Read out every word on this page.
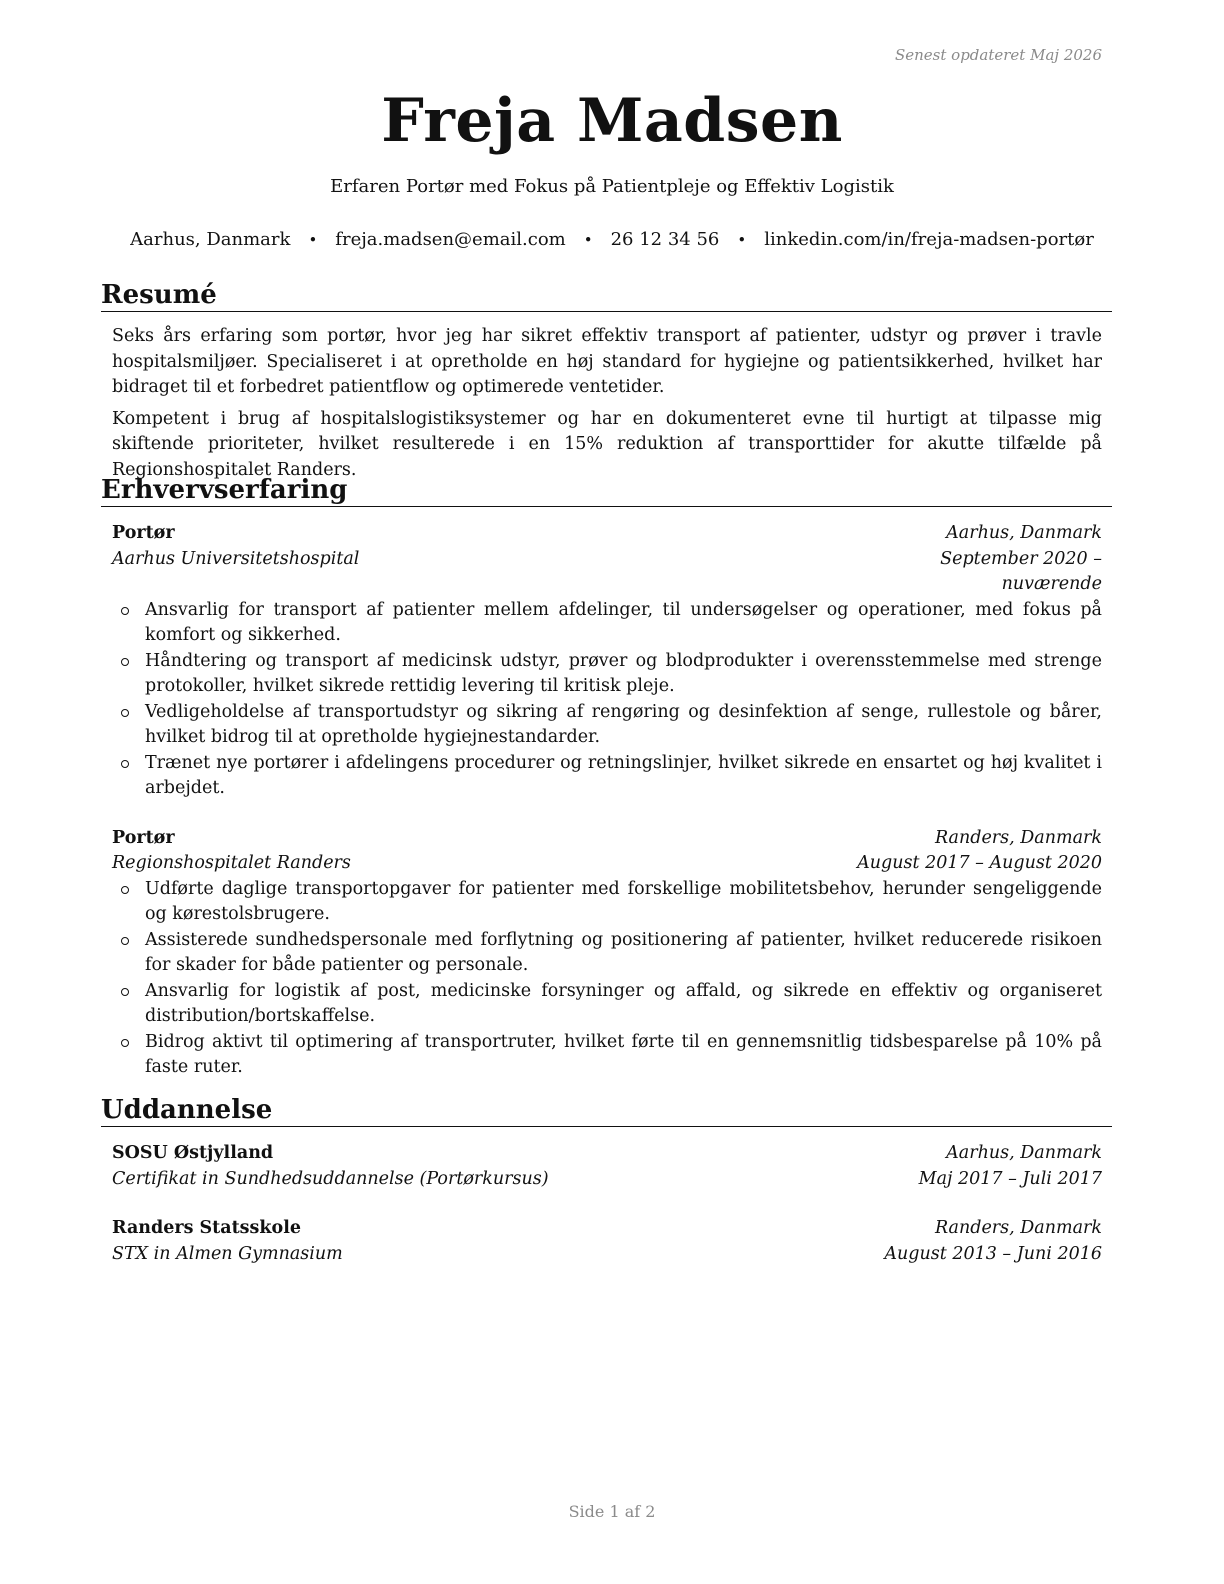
Senest opdateret Maj 2026
Freja Madsen
Erfaren Portør med Fokus på Patientpleje og Effektiv Logistik
Aarhus, Danmark • freja.madsen@email.com • 26 12 34 56 • linkedin.com/in/freja-madsen-portør
Resumé

Seks års erfaring som portør, hvor jeg har sikret effektiv transport af patienter, udstyr og prøver i travle hospitalsmiljøer. Specialiseret i at opretholde en høj standard for hygiejne og patientsikkerhed, hvilket har bidraget til et forbedret patientflow og optimerede ventetider.

Kompetent i brug af hospitalslogistiksystemer og har en dokumenteret evne til hurtigt at tilpasse mig skiftende prioriteter, hvilket resulterede i en 15% reduktion af transporttider for akutte tilfælde på Regionshospitalet Randers.

Erhvervserfaring
Portør	Aarhus, Danmark
Aarhus Universitetshospital	September 2020 – nuværende
Ansvarlig for transport af patienter mellem afdelinger, til undersøgelser og operationer, med fokus på komfort og sikkerhed.
Håndtering og transport af medicinsk udstyr, prøver og blodprodukter i overensstemmelse med strenge protokoller, hvilket sikrede rettidig levering til kritisk pleje.
Vedligeholdelse af transportudstyr og sikring af rengøring og desinfektion af senge, rullestole og bårer, hvilket bidrog til at opretholde hygiejnestandarder.
Trænet nye portører i afdelingens procedurer og retningslinjer, hvilket sikrede en ensartet og høj kvalitet i arbejdet.
Portør	Randers, Danmark
Regionshospitalet Randers	August 2017 – August 2020
Udførte daglige transportopgaver for patienter med forskellige mobilitetsbehov, herunder sengeliggende og kørestolsbrugere.
Assisterede sundhedspersonale med forflytning og positionering af patienter, hvilket reducerede risikoen for skader for både patienter og personale.
Ansvarlig for logistik af post, medicinske forsyninger og affald, og sikrede en effektiv og organiseret distribution/bortskaffelse.
Bidrog aktivt til optimering af transportruter, hvilket førte til en gennemsnitlig tidsbesparelse på 10% på faste ruter.
Uddannelse
SOSU Østjylland	Aarhus, Danmark
Certifikat in Sundhedsuddannelse (Portørkursus)	Maj 2017 – Juli 2017
Randers Statsskole	Randers, Danmark
STX in Almen Gymnasium	August 2013 – Juni 2016
Side 1 af 2
